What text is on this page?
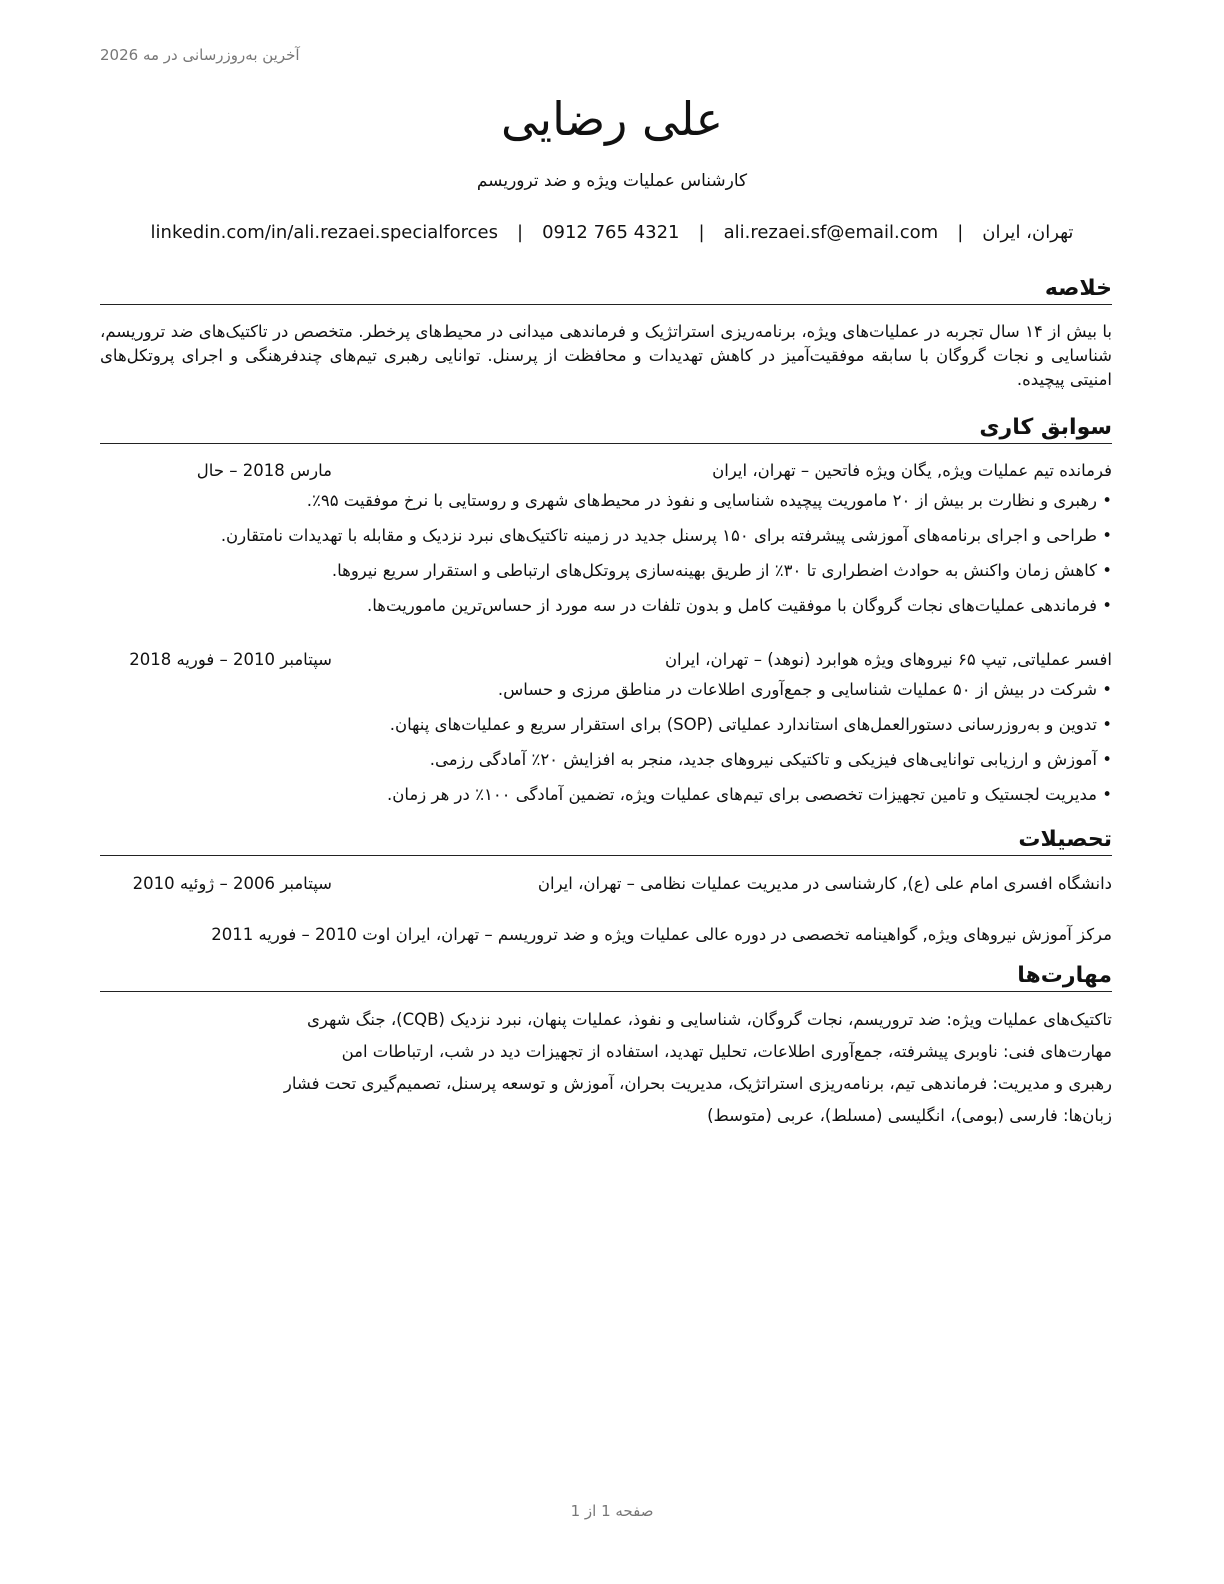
آخرین به‌روزرسانی در مه 2026
علی رضایی
کارشناس عملیات ویژه و ضد تروریسم
تهران، ایران
|
ali.rezaei.sf@email.com
|
0912 765 4321
|
linkedin.com/in/ali.rezaei.specialforces
خلاصه

با بیش از ۱۴ سال تجربه در عملیات‌های ویژه، برنامه‌ریزی استراتژیک و فرماندهی میدانی در محیط‌های پرخطر. متخصص در تاکتیک‌های ضد تروریسم، شناسایی و نجات گروگان با سابقه موفقیت‌آمیز در کاهش تهدیدات و محافظت از پرسنل. توانایی رهبری تیم‌های چندفرهنگی و اجرای پروتکل‌های امنیتی پیچیده.

سوابق کاری
فرمانده تیم عملیات ویژه, یگان ویژه فاتحین – تهران، ایران
مارس 2018 – حال
• رهبری و نظارت بر بیش از ۲۰ ماموریت پیچیده شناسایی و نفوذ در محیط‌های شهری و روستایی با نرخ موفقیت ۹۵٪.
• طراحی و اجرای برنامه‌های آموزشی پیشرفته برای ۱۵۰ پرسنل جدید در زمینه تاکتیک‌های نبرد نزدیک و مقابله با تهدیدات نامتقارن.
• کاهش زمان واکنش به حوادث اضطراری تا ۳۰٪ از طریق بهینه‌سازی پروتکل‌های ارتباطی و استقرار سریع نیروها.
• فرماندهی عملیات‌های نجات گروگان با موفقیت کامل و بدون تلفات در سه مورد از حساس‌ترین ماموریت‌ها.
افسر عملیاتی, تیپ ۶۵ نیروهای ویژه هوابرد (نوهد) – تهران، ایران
سپتامبر 2010 – فوریه 2018
• شرکت در بیش از ۵۰ عملیات شناسایی و جمع‌آوری اطلاعات در مناطق مرزی و حساس.
• تدوین و به‌روزرسانی دستورالعمل‌های استاندارد عملیاتی (SOP) برای استقرار سریع و عملیات‌های پنهان.
• آموزش و ارزیابی توانایی‌های فیزیکی و تاکتیکی نیروهای جدید، منجر به افزایش ۲۰٪ آمادگی رزمی.
• مدیریت لجستیک و تامین تجهیزات تخصصی برای تیم‌های عملیات ویژه، تضمین آمادگی ۱۰۰٪ در هر زمان.
تحصیلات
دانشگاه افسری امام علی (ع), کارشناسی در مدیریت عملیات نظامی – تهران، ایران
سپتامبر 2006 – ژوئیه 2010
مرکز آموزش نیروهای ویژه, گواهینامه تخصصی در دوره عالی عملیات ویژه و ضد تروریسم – تهران، ایران اوت 2010 – فوریه 2011
مهارت‌ها
تاکتیک‌های عملیات ویژه: ضد تروریسم، نجات گروگان، شناسایی و نفوذ، عملیات پنهان، نبرد نزدیک (CQB)، جنگ شهری
مهارت‌های فنی: ناوبری پیشرفته، جمع‌آوری اطلاعات، تحلیل تهدید، استفاده از تجهیزات دید در شب، ارتباطات امن
رهبری و مدیریت: فرماندهی تیم، برنامه‌ریزی استراتژیک، مدیریت بحران، آموزش و توسعه پرسنل، تصمیم‌گیری تحت فشار
زبان‌ها: فارسی (بومی)، انگلیسی (مسلط)، عربی (متوسط)
صفحه 1 از 1
